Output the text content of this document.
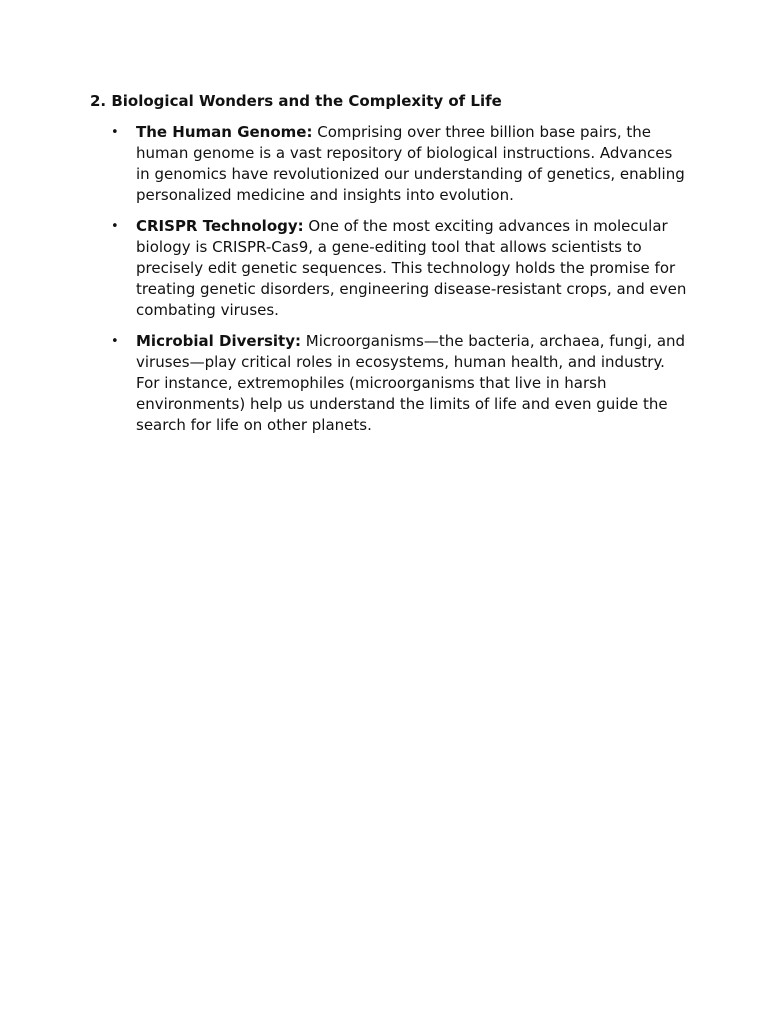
2. Biological Wonders and the Complexity of Life
• The Human Genome: Comprising over three billion base pairs, the human genome is a vast repository of biological instructions. Advances in genomics have revolutionized our understanding of genetics, enabling personalized medicine and insights into evolution.
• CRISPR Technology: One of the most exciting advances in molecular biology is CRISPR-Cas9, a gene-editing tool that allows scientists to precisely edit genetic sequences. This technology holds the promise for treating genetic disorders, engineering disease-resistant crops, and even combating viruses.
• Microbial Diversity: Microorganisms—the bacteria, archaea, fungi, and viruses—play critical roles in ecosystems, human health, and industry. For instance, extremophiles (microorganisms that live in harsh environments) help us understand the limits of life and even guide the search for life on other planets.
